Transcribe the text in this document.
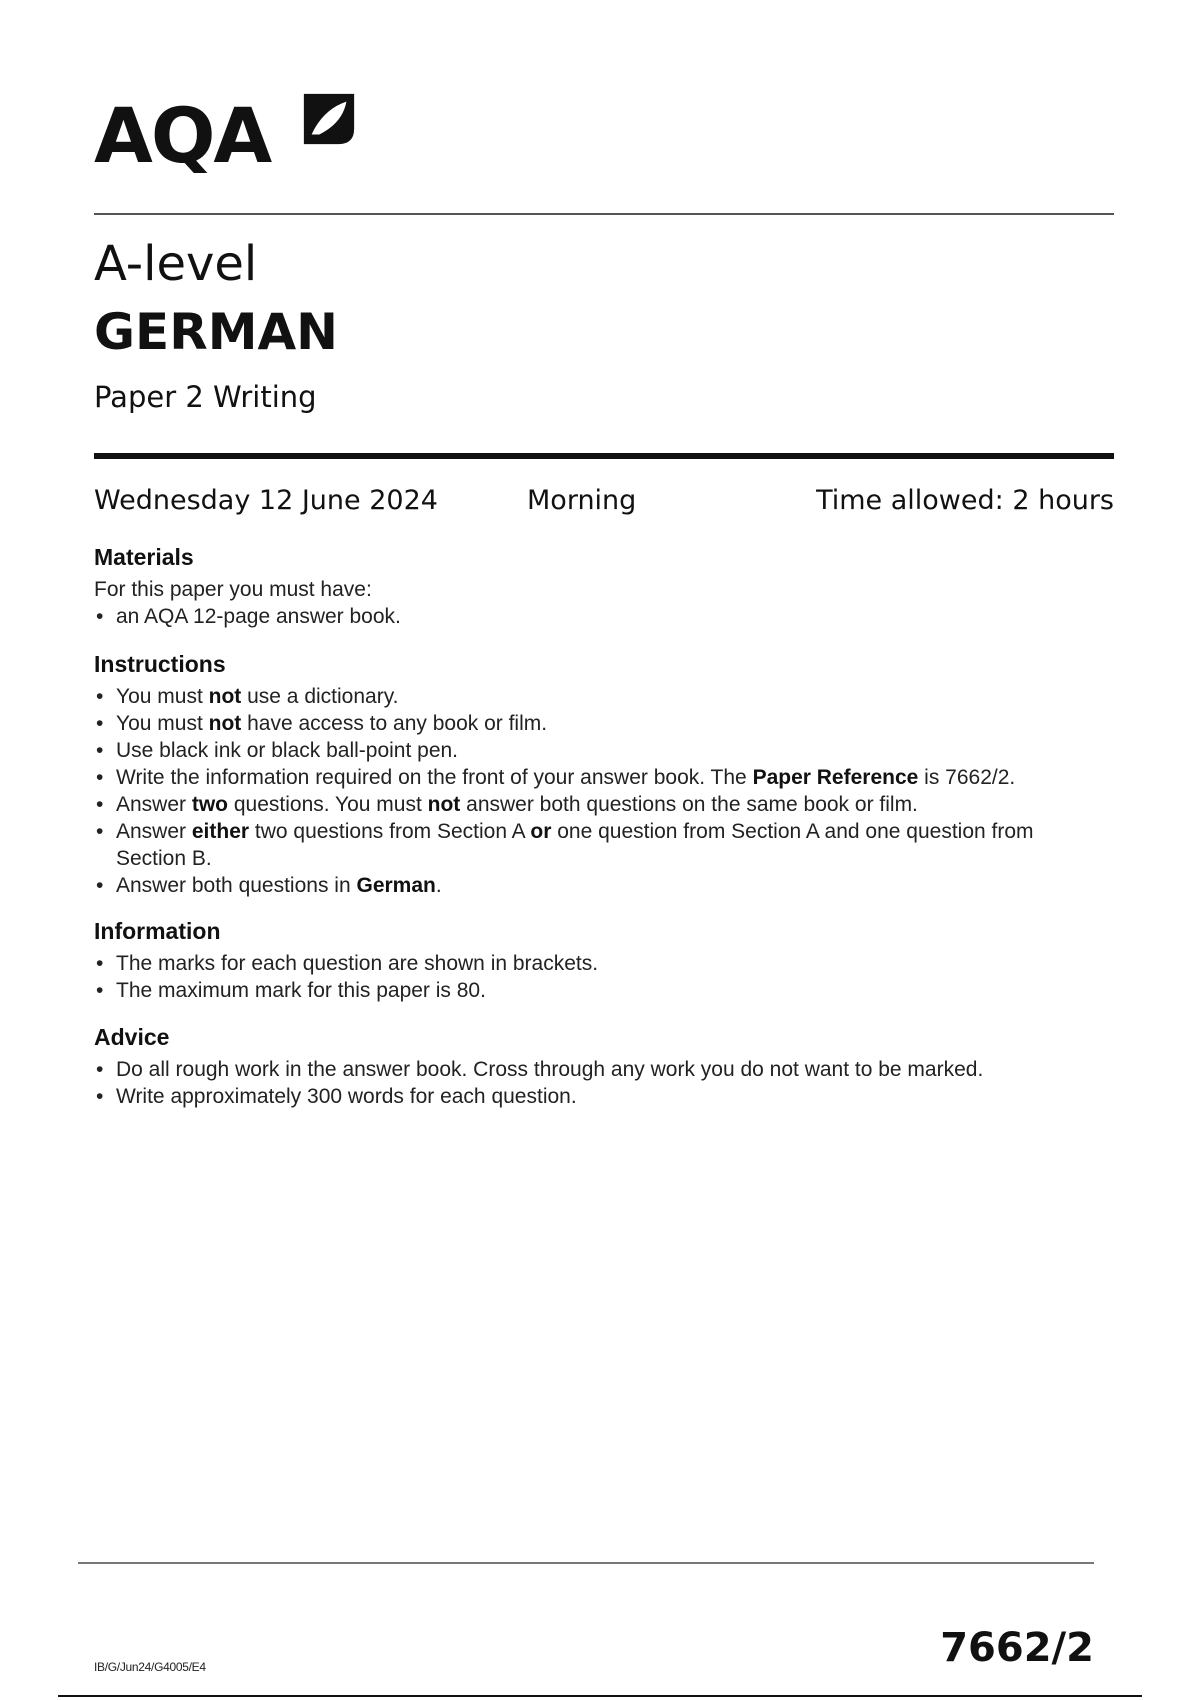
AQA
A-level
GERMAN
Paper 2 Writing
Wednesday 12 June 2024	Morning	Time allowed: 2 hours
Materials

For this paper you must have:

• an AQA 12-page answer book.
Instructions
• You must not use a dictionary.
• You must not have access to any book or film.
• Use black ink or black ball-point pen.
• Write the information required on the front of your answer book. The Paper Reference is 7662/2.
• Answer two questions. You must not answer both questions on the same book or film.
• Answer either two questions from Section A or one question from Section A and one question from Section B.
• Answer both questions in German.
Information
• The marks for each question are shown in brackets.
• The maximum mark for this paper is 80.
Advice
• Do all rough work in the answer book. Cross through any work you do not want to be marked.
• Write approximately 300 words for each question.
IB/G/Jun24/G4005/E4	7662/2
